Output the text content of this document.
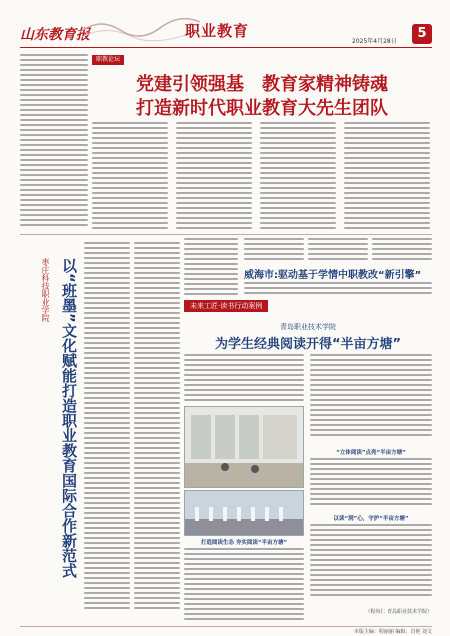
山东教育报	职业教育
2025年4月28日
5
职教论坛
党建引领强基　教育家精神铸魂
打造新时代职业教育大先生团队
枣庄科技职业学院 以“班墨”文化赋能打造职业教育国际合作新范式	威海市:驱动基于学情中职教改“新引擎”
未来工匠·读书行动案例
青岛职业技术学院
为学生经典阅读开得“半亩方塘”
打造阅读生态 夯实阅读“半亩方塘”
“立体阅读”点亮“半亩方塘”
以读“润”心，守护“半亩方塘”
（程尚仁 青岛职业技术学院）
本版主编：程丽丽 编辑：肖艳 刘文
